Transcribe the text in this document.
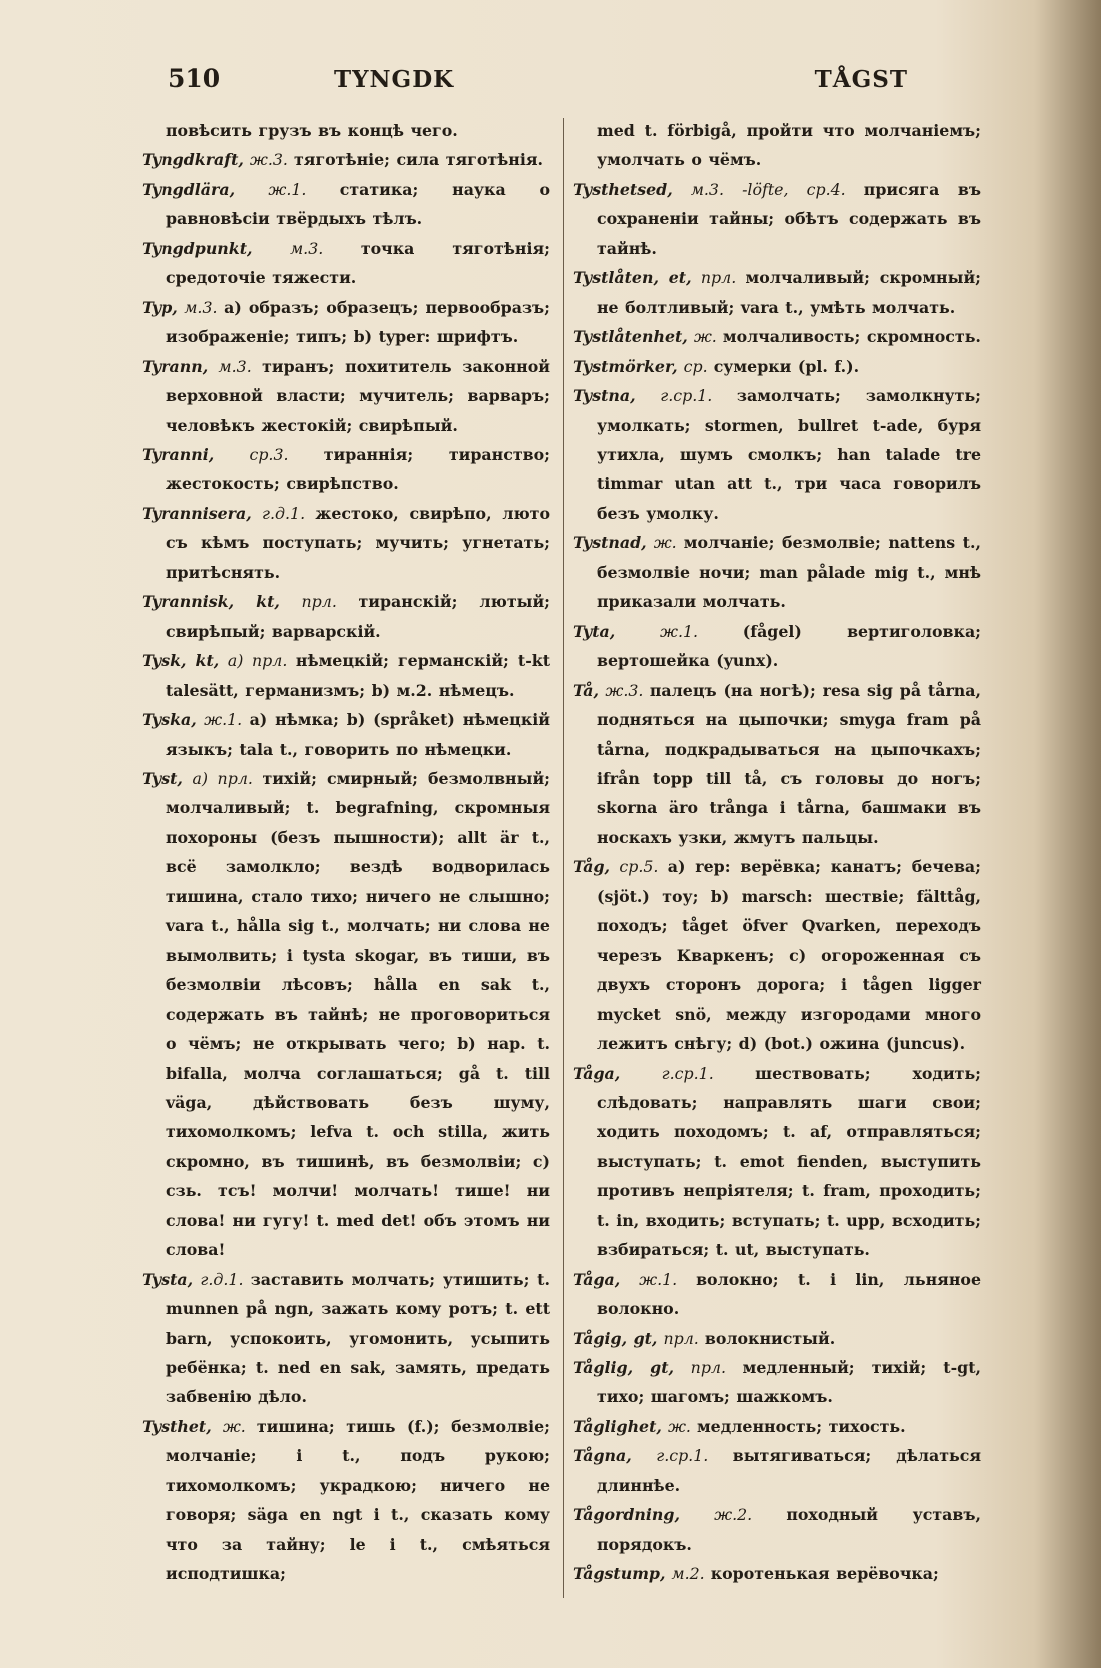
510	TYNGDK	TÅGST
повѣсить грузъ въ концѣ чего.
Tyngdkraft, ж.3. тяготѣніе; сила тяготѣнія.
Tyngdlära, ж.1. статика; наука о равновѣсіи твёрдыхъ тѣлъ.
Tyngdpunkt, м.3. точка тяготѣнія; средоточіе тяжести.
Typ, м.3. а) образъ; образецъ; первообразъ; изображеніе; типъ; b) typer: шрифтъ.
Tyrann, м.3. тиранъ; похититель законной верховной власти; мучитель; варваръ; человѣкъ жестокій; свирѣпый.
Tyranni, ср.3. тираннія; тиранство; жестокость; свирѣпство.
Tyrannisera, г.д.1. жестоко, свирѣпо, люто съ кѣмъ поступать; мучить; угнетать; притѣснять.
Tyrannisk, kt, прл. тиранскій; лютый; свирѣпый; варварскій.
Tysk, kt, а) прл. нѣмецкій; германскій; t-kt talesätt, германизмъ; b) м.2. нѣмецъ.
Tyska, ж.1. а) нѣмка; b) (språket) нѣмецкій языкъ; tala t., говорить по нѣмецки.
Tyst, а) прл. тихій; смирный; безмолвный; молчаливый; t. begrafning, скромныя похороны (безъ пышности); allt är t., всё замолкло; вездѣ водворилась тишина, стало тихо; ничего не слышно; vara t., hålla sig t., молчать; ни слова не вымолвить; i tysta skogar, въ тиши, въ безмолвіи лѣсовъ; hålla en sak t., содержать въ тайнѣ; не проговориться о чёмъ; не открывать чего; b) нар. t. bifalla, молча соглашаться; gå t. till väga, дѣйствовать безъ шуму, тихомолкомъ; lefva t. och stilla, жить скромно, въ тишинѣ, въ безмолвіи; с) сзь. тсъ! молчи! молчать! тише! ни слова! ни гугу! t. med det! объ этомъ ни слова!
Tysta, г.д.1. заставить молчать; утишить; t. munnen på ngn, зажать кому ротъ; t. ett barn, успокоить, угомонить, усыпить ребёнка; t. ned en sak, замять, предать забвенію дѣло.
Tysthet, ж. тишина; тишь (f.); безмолвіе; молчаніе; i t., подъ рукою; тихомолкомъ; украдкою; ничего не говоря; säga en ngt i t., сказать кому что за тайну; le i t., смѣяться исподтишка;
med t. förbigå, пройти что молчаніемъ; умолчать о чёмъ.
Tysthetsed, м.3. -löfte, ср.4. присяга въ сохраненіи тайны; обѣтъ содержать въ тайнѣ.
Tystlåten, et, прл. молчаливый; скромный; не болтливый; vara t., умѣть молчать.
Tystlåtenhet, ж. молчаливость; скромность.
Tystmörker, ср. сумерки (pl. f.).
Tystna, г.ср.1. замолчать; замолкнуть; умолкать; stormen, bullret t-ade, буря утихла, шумъ смолкъ; han talade tre timmar utan att t., три часа говорилъ безъ умолку.
Tystnad, ж. молчаніе; безмолвіе; nattens t., безмолвіе ночи; man pålade mig t., мнѣ приказали молчать.
Tyta,	ж.1.	(fågel) вертиголовка; вертошейка (yunx).
Tå, ж.3. палецъ (на ногѣ); resa sig på tårna, подняться на цыпочки; smyga fram på tårna, подкрадываться на цыпочкахъ; ifrån topp till tå, съ головы до ногъ; skorna äro trånga i tårna, башмаки въ носкахъ узки, жмутъ пальцы.
Tåg, ср.5. а) rep: верёвка; канатъ; бечева; (sjöt.) тоу; b) marsch: шествіе; fälttåg, походъ; tåget öfver Qvarken, переходъ черезъ Кваркенъ; с) огороженная съ двухъ сторонъ дорога; i tågen ligger mycket snö, между изгородами много лежитъ снѣгу; d) (bot.) ожина (juncus).
Tåga,	г.ср.1.	шествовать; ходить; слѣдовать; направлять шаги свои; ходить походомъ; t. af, отправляться; выступать; t. emot fienden, выступить противъ непріятеля; t. fram, проходить; t. in, входить; вступать; t. upp, всходить; взбираться; t. ut, выступать.
Tåga, ж.1. волокно; t. i lin, льняное волокно.
Tågig, gt, прл. волокнистый.
Tåglig, gt, прл. медленный; тихій; t-gt, тихо; шагомъ; шажкомъ.
Tåglighet, ж. медленность; тихость.
Tågna, г.ср.1. вытягиваться; дѣлаться длиннѣе.
Tågordning, ж.2. походный уставъ, порядокъ.
Tågstump, м.2. коротенькая верёвочка;
